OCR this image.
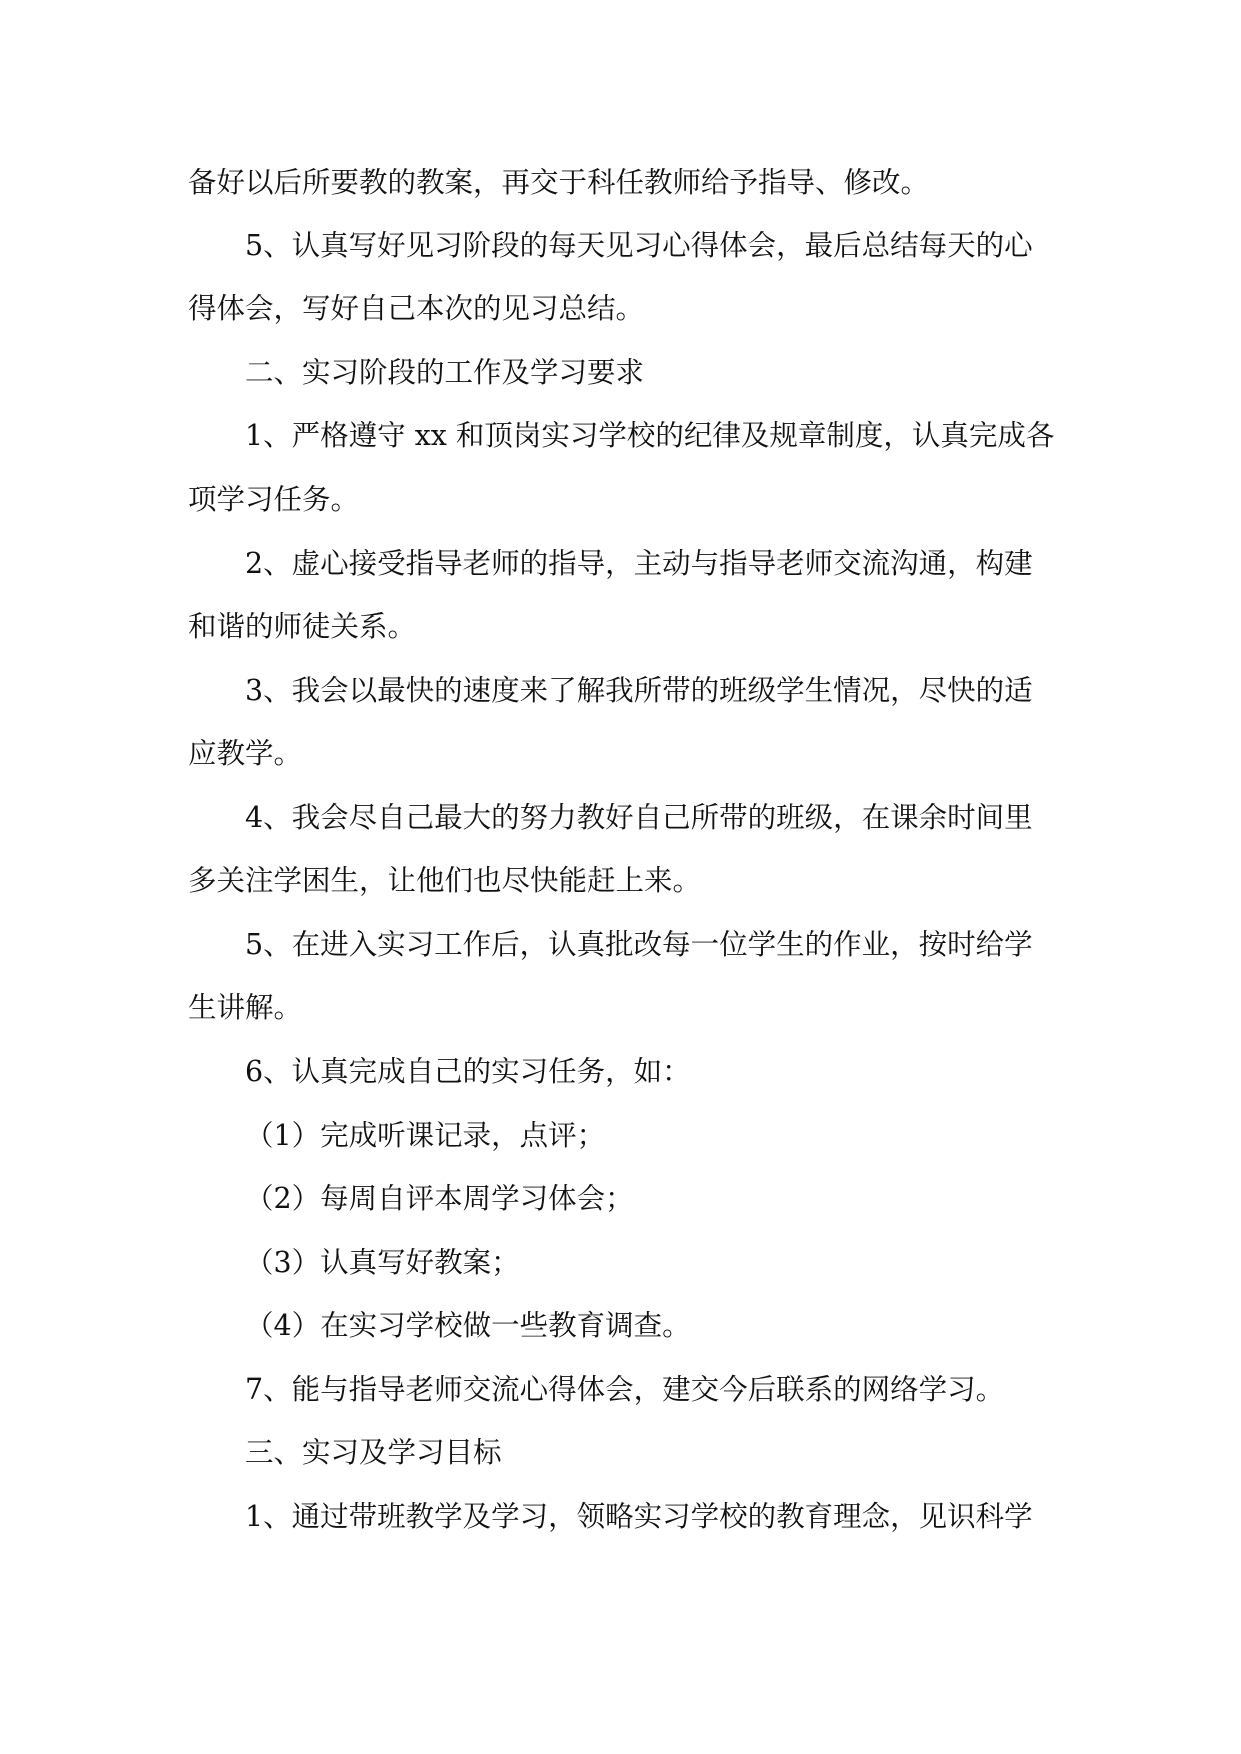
备好以后所要教的教案，再交于科任教师给予指导、修改。

5、认真写好见习阶段的每天见习心得体会，最后总结每天的心

得体会，写好自己本次的见习总结。

二、实习阶段的工作及学习要求

1、严格遵守 xx 和顶岗实习学校的纪律及规章制度，认真完成各

项学习任务。

2、虚心接受指导老师的指导，主动与指导老师交流沟通，构建

和谐的师徒关系。

3、我会以最快的速度来了解我所带的班级学生情况，尽快的适

应教学。

4、我会尽自己最大的努力教好自己所带的班级，在课余时间里

多关注学困生，让他们也尽快能赶上来。

5、在进入实习工作后，认真批改每一位学生的作业，按时给学

生讲解。

6、认真完成自己的实习任务，如：

（1）完成听课记录，点评；

（2）每周自评本周学习体会；

（3）认真写好教案；

（4）在实习学校做一些教育调查。

7、能与指导老师交流心得体会，建交今后联系的网络学习。

三、实习及学习目标

1、通过带班教学及学习，领略实习学校的教育理念，见识科学
